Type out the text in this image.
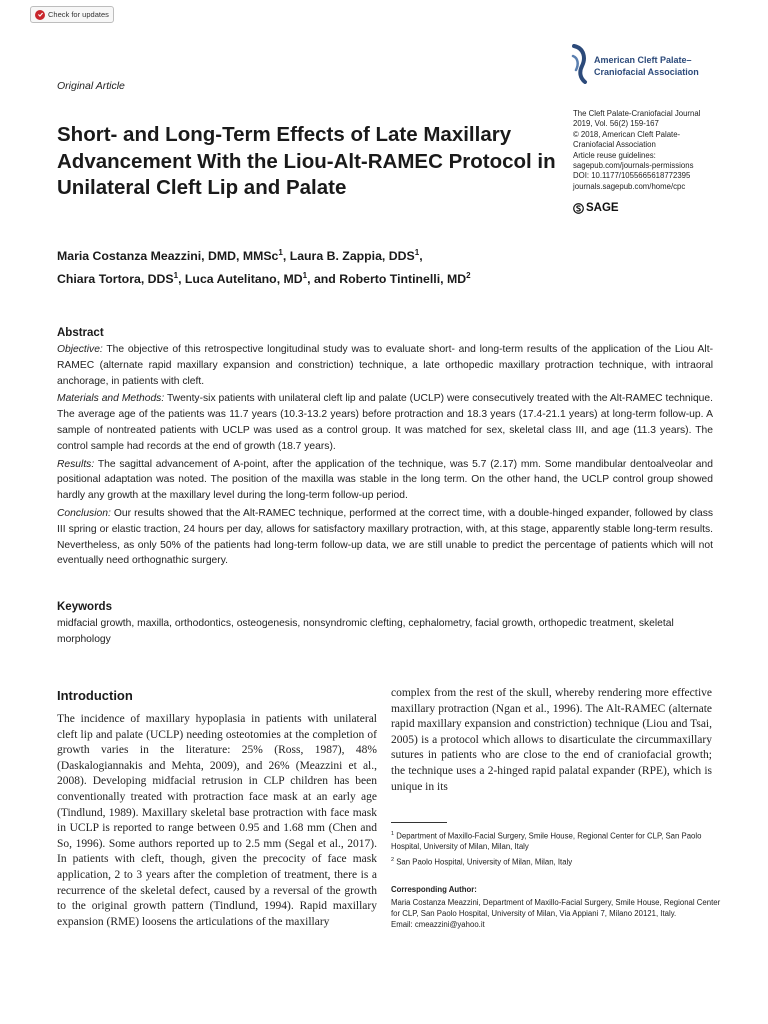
Check for updates
Original Article
Short- and Long-Term Effects of Late Maxillary Advancement With the Liou-Alt-RAMEC Protocol in Unilateral Cleft Lip and Palate
American Cleft Palate–
Craniofacial Association
The Cleft Palate-Craniofacial Journal
2019, Vol. 56(2) 159-167
© 2018, American Cleft Palate-
Craniofacial Association
Article reuse guidelines:
sagepub.com/journals-permissions
DOI: 10.1177/1055665618772395
journals.sagepub.com/home/cpc
SAGE
Maria Costanza Meazzini, DMD, MMSc$^1$, Laura B. Zappia, DDS$^1$,
Chiara Tortora, DDS$^1$, Luca Autelitano, $MD^1$, and Roberto Tintinelli, $MD^2$
Abstract

Objective: The objective of this retrospective longitudinal study was to evaluate short- and long-term results of the application of the Liou Alt-RAMEC (alternate rapid maxillary expansion and constriction) technique, a late orthopedic maxillary protraction technique, with intraoral anchorage, in patients with cleft.

Materials and Methods: Twenty-six patients with unilateral cleft lip and palate (UCLP) were consecutively treated with the Alt-RAMEC technique. The average age of the patients was 11.7 years (10.3-13.2 years) before protraction and 18.3 years (17.4-21.1 years) at long-term follow-up. A sample of nontreated patients with UCLP was used as a control group. It was matched for sex, skeletal class III, and age (11.3 years). The control sample had records at the end of growth (18.7 years).

Results: The sagittal advancement of A-point, after the application of the technique, was 5.7 (2.17) mm. Some mandibular dentoalveolar and positional adaptation was noted. The position of the maxilla was stable in the long term. On the other hand, the UCLP control group showed hardly any growth at the maxillary level during the long-term follow-up period.

Conclusion: Our results showed that the Alt-RAMEC technique, performed at the correct time, with a double-hinged expander, followed by class III spring or elastic traction, 24 hours per day, allows for satisfactory maxillary protraction, with, at this stage, apparently stable long-term results. Nevertheless, as only 50% of the patients had long-term follow-up data, we are still unable to predict the percentage of patients which will not eventually need orthognathic surgery.

Keywords

midfacial growth, maxilla, orthodontics, osteogenesis, nonsyndromic clefting, cephalometry, facial growth, orthopedic treatment, skeletal morphology

Introduction
The incidence of maxillary hypoplasia in patients with unilateral cleft lip and palate (UCLP) needing osteotomies at the completion of growth varies in the literature: 25% (Ross, 1987), 48% (Daskalogiannakis and Mehta, 2009), and 26% (Meazzini et al., 2008). Developing midfacial retrusion in CLP children has been conventionally treated with protraction face mask at an early age (Tindlund, 1989). Maxillary skeletal base protraction with face mask in UCLP is reported to range between 0.95 and 1.68 mm (Chen and So, 1996). Some authors reported up to 2.5 mm (Segal et al., 2017). In patients with cleft, though, given the precocity of face mask application, 2 to 3 years after the completion of treatment, there is a recurrence of the skeletal defect, caused by a reversal of the growth to the original growth pattern (Tindlund, 1994). Rapid maxillary expansion (RME) loosens the articulations of the maxillary
complex from the rest of the skull, whereby rendering more effective maxillary protraction (Ngan et al., 1996). The Alt-RAMEC (alternate rapid maxillary expansion and constriction) technique (Liou and Tsai, 2005) is a protocol which allows to disarticulate the circummaxillary sutures in patients who are close to the end of craniofacial growth; the technique uses a 2-hinged rapid palatal expander (RPE), which is unique in its
$^1$ Department of Maxillo-Facial Surgery, Smile House, Regional Center for CLP, San Paolo Hospital, University of Milan, Milan, Italy
$^2$ San Paolo Hospital, University of Milan, Milan, Italy
Corresponding Author:
Maria Costanza Meazzini, Department of Maxillo-Facial Surgery, Smile House, Regional Center for CLP, San Paolo Hospital, University of Milan, Via Appiani 7, Milano 20121, Italy.
Email: cmeazzini@yahoo.it
